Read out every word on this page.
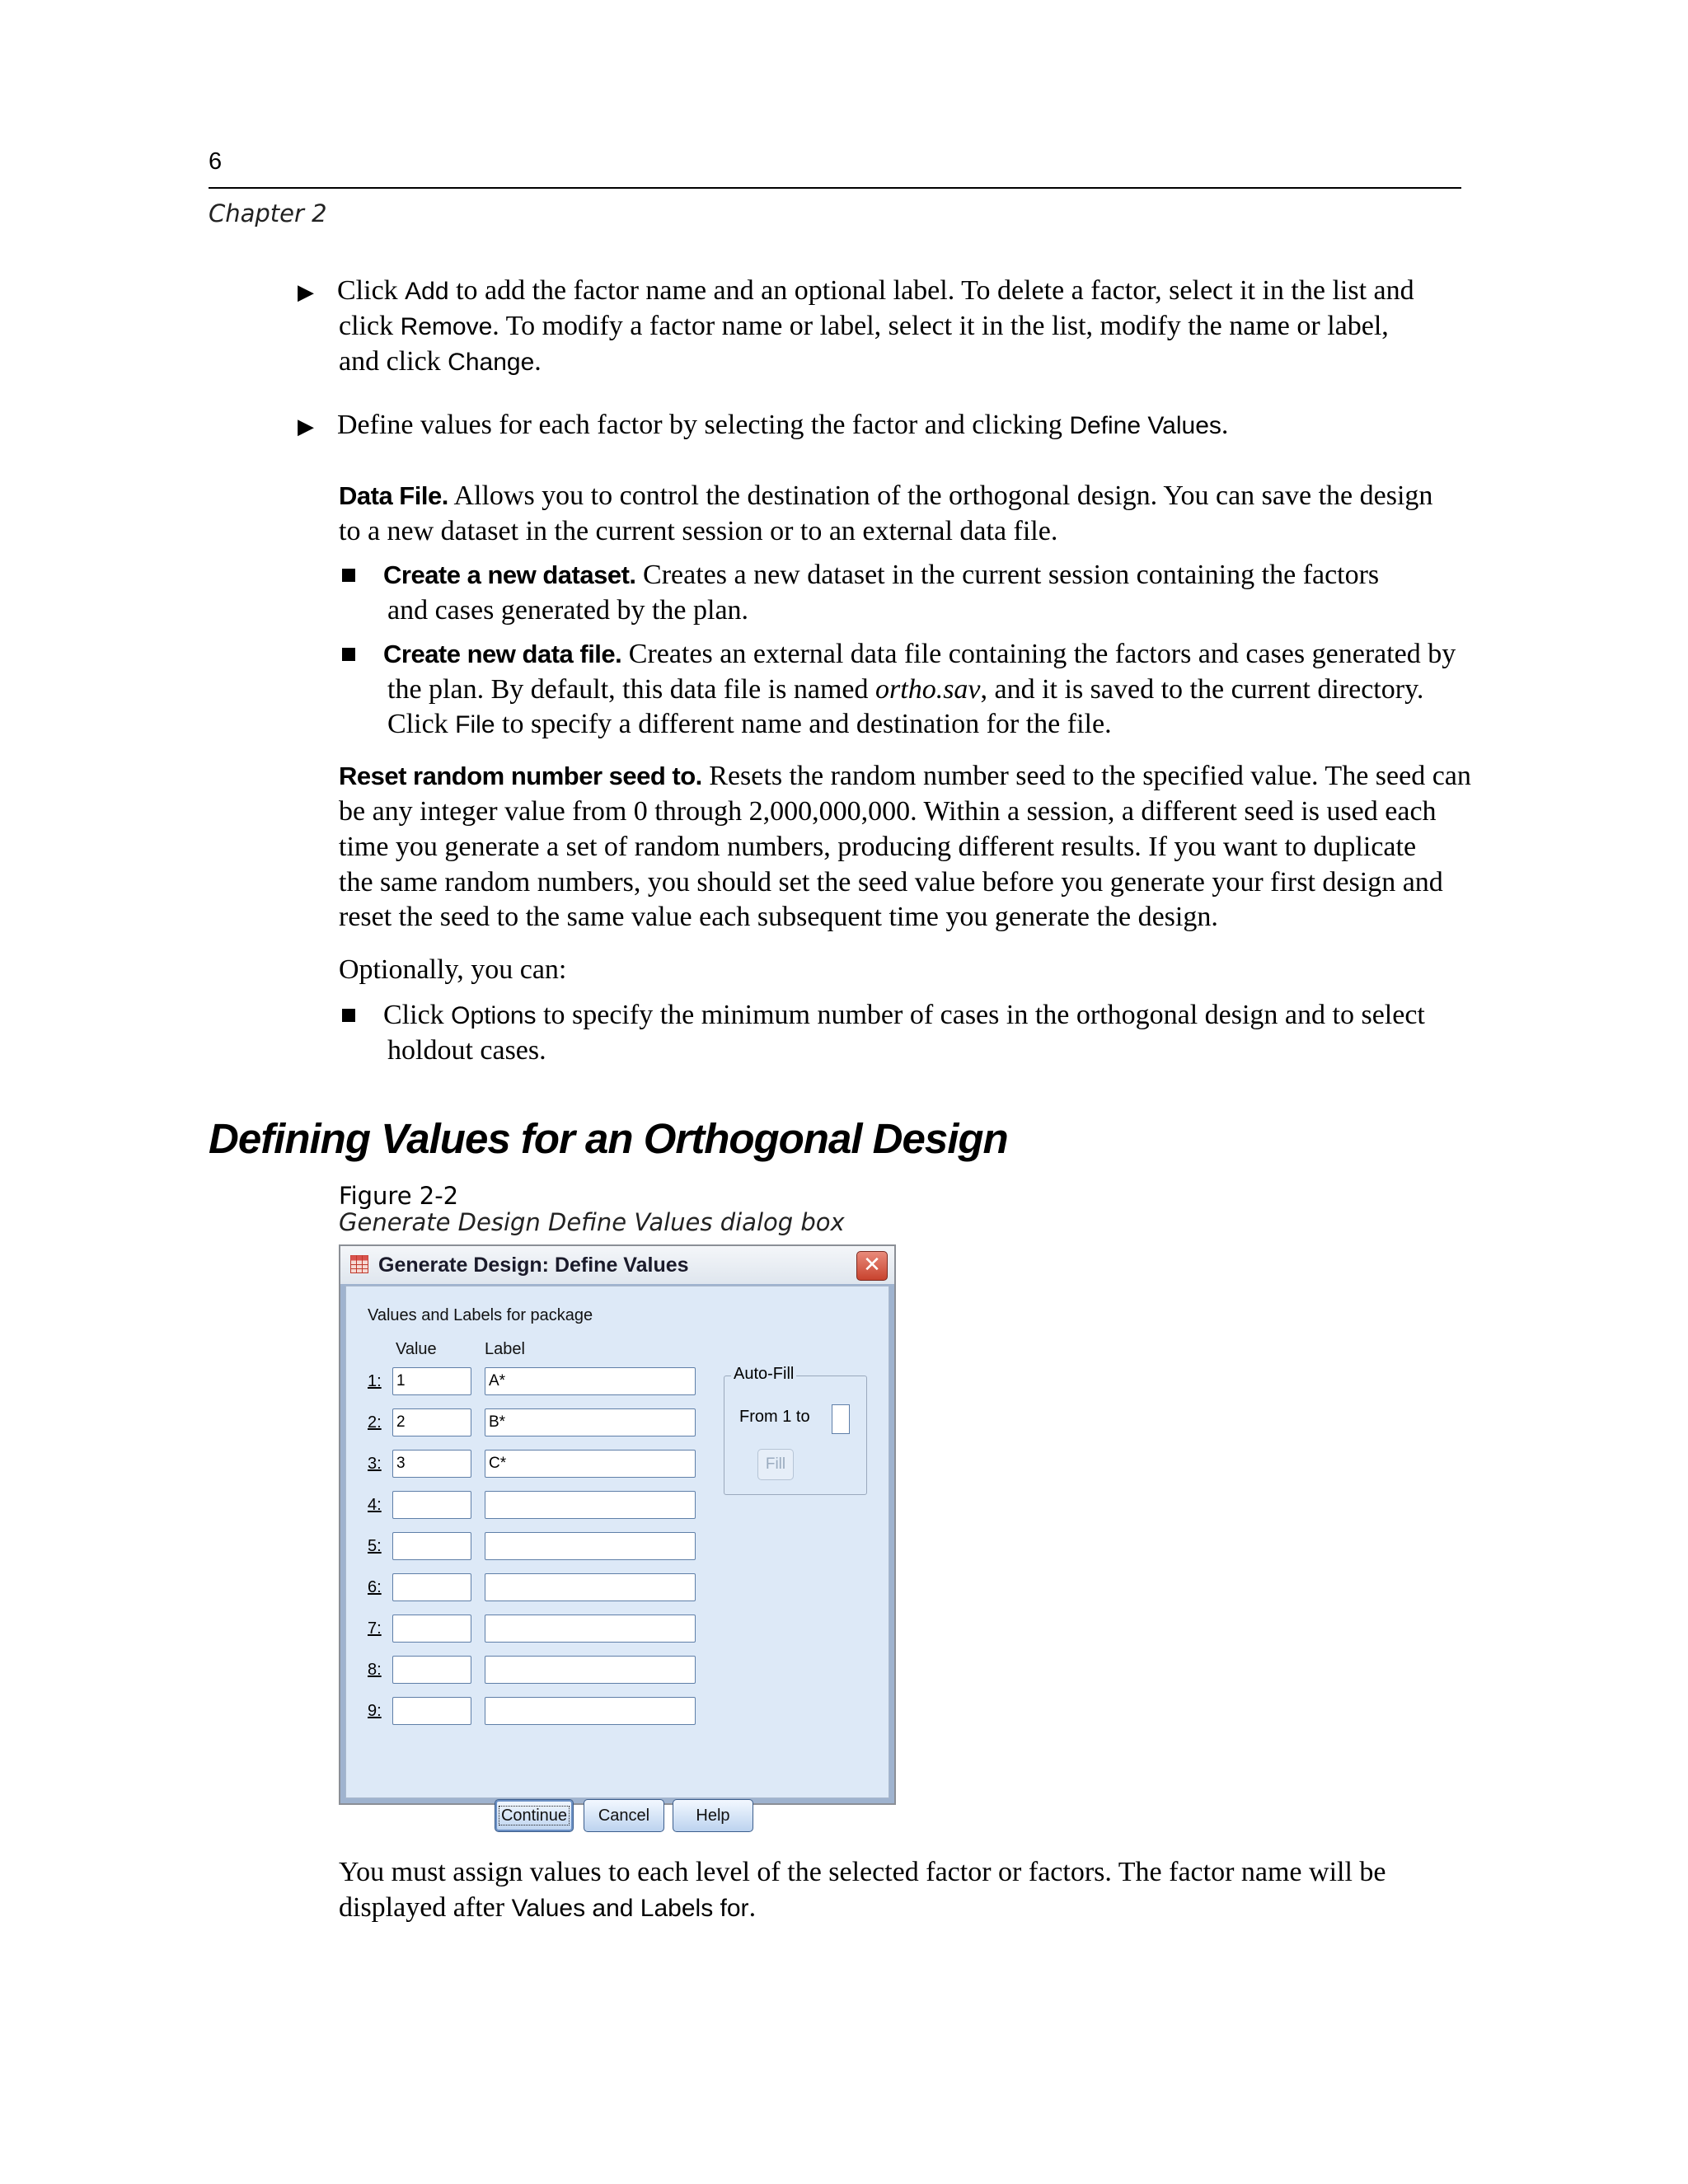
6
Chapter 2
▶ Click Add to add the factor name and an optional label. To delete a factor, select it in the list and
click Remove. To modify a factor name or label, select it in the list, modify the name or label,
and click Change.
▶ Define values for each factor by selecting the factor and clicking Define Values.
Data File. Allows you to control the destination of the orthogonal design. You can save the design
to a new dataset in the current session or to an external data file.
Create a new dataset. Creates a new dataset in the current session containing the factors
and cases generated by the plan.
Create new data file. Creates an external data file containing the factors and cases generated by
the plan. By default, this data file is named ortho.sav, and it is saved to the current directory.
Click File to specify a different name and destination for the file.
Reset random number seed to. Resets the random number seed to the specified value. The seed can
be any integer value from 0 through 2,000,000,000. Within a session, a different seed is used each
time you generate a set of random numbers, producing different results. If you want to duplicate
the same random numbers, you should set the seed value before you generate your first design and
reset the seed to the same value each subsequent time you generate the design.
Optionally, you can:
Click Options to specify the minimum number of cases in the orthogonal design and to select
holdout cases.
Defining Values for an Orthogonal Design
Figure 2-2
Generate Design Define Values dialog box
Generate Design: Define Values	✕
Values and Labels for package
Value	Label
1: 1	A*
2: 2	B*
3: 3	C*
4:
5:
6:
7:
8:
9:
Auto-Fill
From 1 to
Fill
Continue	Cancel	Help
You must assign values to each level of the selected factor or factors. The factor name will be
displayed after Values and Labels for.
